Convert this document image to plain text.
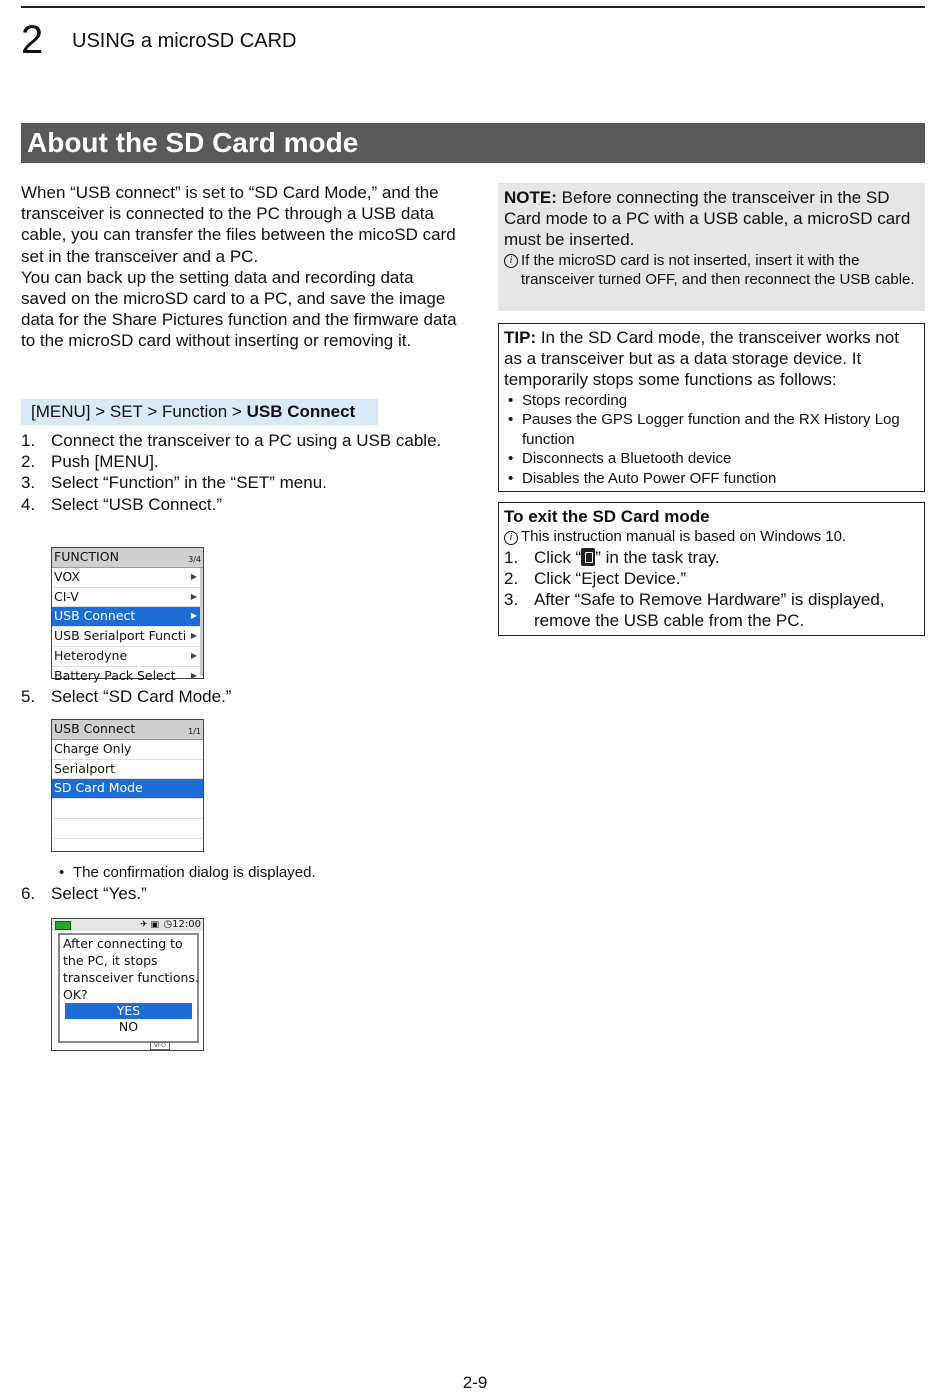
2 USING a microSD CARD
About the SD Card mode

When “USB connect” is set to “SD Card Mode,” and the transceiver is connected to the PC through a USB data cable, you can transfer the files between the micoSD card set in the transceiver and a PC.

You can back up the setting data and recording data saved on the microSD card to a PC, and save the image data for the Share Pictures function and the firmware data to the microSD card without inserting or removing it.

[MENU] > SET > Function > USB Connect
1. Connect the transceiver to a PC using a USB cable.
2. Push [MENU].
3. Select “Function” in the “SET” menu.
4. Select “USB Connect.”
FUNCTION	3/4
VOX	▶
CI-V	▶
USB Connect	▶
USB Serialport Functi ▶
Heterodyne	▶
Battery Pack Select ▶
5. Select “SD Card Mode.”
USB Connect	1/1
Charge Only
Serialport
SD Card Mode
• The confirmation dialog is displayed.
6. Select “Yes.”
✈ ▣ ◷12:00
After connecting to
the PC, it stops
transceiver functions.
OK?
YES
NO
VFO
NOTE: Before connecting the transceiver in the SD Card mode to a PC with a USB cable, a microSD card must be inserted.
i If the microSD card is not inserted, insert it with the transceiver turned OFF, and then reconnect the USB cable.
TIP: In the SD Card mode, the transceiver works not as a transceiver but as a data storage device. It temporarily stops some functions as follows:
• Stops recording
• Pauses the GPS Logger function and the RX History Log function
• Disconnects a Bluetooth device
• Disables the Auto Power OFF function
To exit the SD Card mode
i This instruction manual is based on Windows 10.
1. Click “ ” in the task tray.
2. Click “Eject Device.”
3. After “Safe to Remove Hardware” is displayed, remove the USB cable from the PC.
2-9
